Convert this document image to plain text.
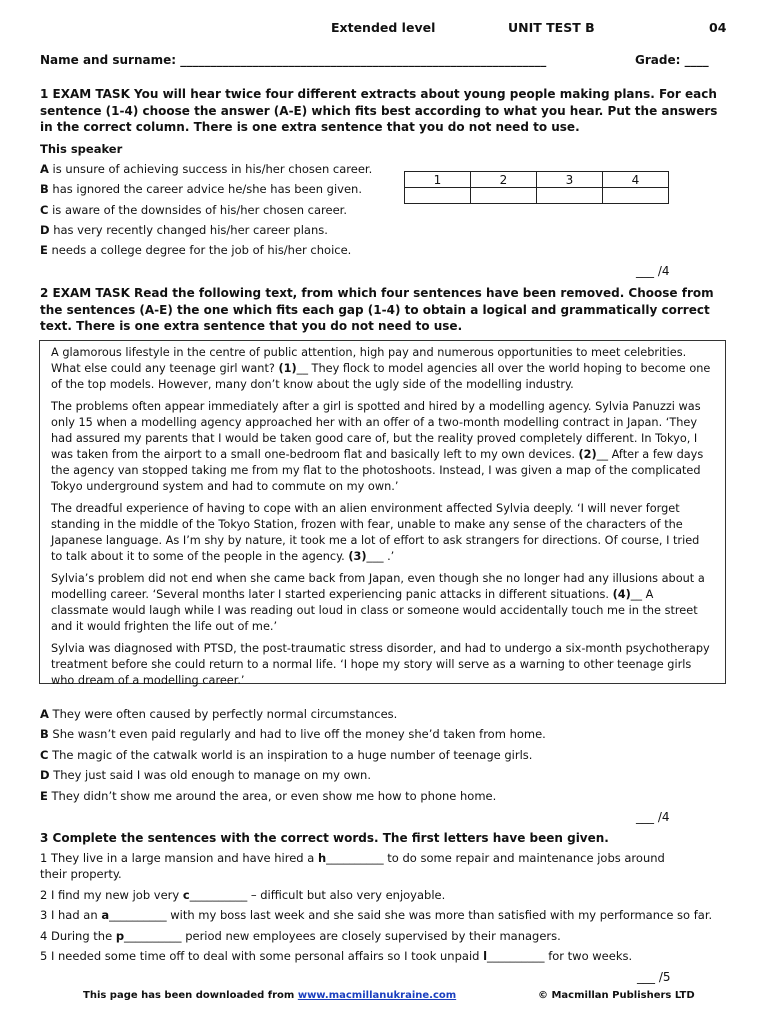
Extended level	UNIT TEST B	04
Name and surname: _____________________________________________________________	Grade: ____
1 EXAM TASK You will hear twice four different extracts about young people making plans. For each sentence (1-4) choose the answer (A-E) which fits best according to what you hear. Put the answers in the correct column. There is one extra sentence that you do not need to use.
This speaker
A is unsure of achieving success in his/her chosen career.
B has ignored the career advice he/she has been given.
C is aware of the downsides of his/her chosen career.
D has very recently changed his/her career plans.
E needs a college degree for the job of his/her choice.
1	2	3	4

___ /4
2 EXAM TASK Read the following text, from which four sentences have been removed. Choose from the sentences (A-E) the one which fits each gap (1-4) to obtain a logical and grammatically correct text. There is one extra sentence that you do not need to use.

A glamorous lifestyle in the centre of public attention, high pay and numerous opportunities to meet celebrities. What else could any teenage girl want? (1)__ They flock to model agencies all over the world hoping to become one of the top models. However, many don’t know about the ugly side of the modelling industry.

The problems often appear immediately after a girl is spotted and hired by a modelling agency. Sylvia Panuzzi was only 15 when a modelling agency approached her with an offer of a two-month modelling contract in Japan. ‘They had assured my parents that I would be taken good care of, but the reality proved completely different. In Tokyo, I was taken from the airport to a small one-bedroom flat and basically left to my own devices. (2)__ After a few days the agency van stopped taking me from my flat to the photoshoots. Instead, I was given a map of the complicated Tokyo underground system and had to commute on my own.’

The dreadful experience of having to cope with an alien environment affected Sylvia deeply. ‘I will never forget standing in the middle of the Tokyo Station, frozen with fear, unable to make any sense of the characters of the Japanese language. As I’m shy by nature, it took me a lot of effort to ask strangers for directions. Of course, I tried to talk about it to some of the people in the agency. (3)___ .’

Sylvia’s problem did not end when she came back from Japan, even though she no longer had any illusions about a modelling career. ‘Several months later I started experiencing panic attacks in different situations. (4)__ A classmate would laugh while I was reading out loud in class or someone would accidentally touch me in the street and it would frighten the life out of me.’

Sylvia was diagnosed with PTSD, the post-traumatic stress disorder, and had to undergo a six-month psychotherapy treatment before she could return to a normal life. ‘I hope my story will serve as a warning to other teenage girls who dream of a modelling career.’

A They were often caused by perfectly normal circumstances.
B She wasn’t even paid regularly and had to live off the money she’d taken from home.
C The magic of the catwalk world is an inspiration to a huge number of teenage girls.
D They just said I was old enough to manage on my own.
E They didn’t show me around the area, or even show me how to phone home.
___ /4
3 Complete the sentences with the correct words. The first letters have been given.
1 They live in a large mansion and have hired a h__________ to do some repair and maintenance jobs around
their property.
2 I find my new job very c__________ – difficult but also very enjoyable.
3 I had an a__________ with my boss last week and she said she was more than satisfied with my performance so far.
4 During the p__________ period new employees are closely supervised by their managers.
5 I needed some time off to deal with some personal affairs so I took unpaid l__________ for two weeks.
___ /5
This page has been downloaded from www.macmillanukraine.com	© Macmillan Publishers LTD
